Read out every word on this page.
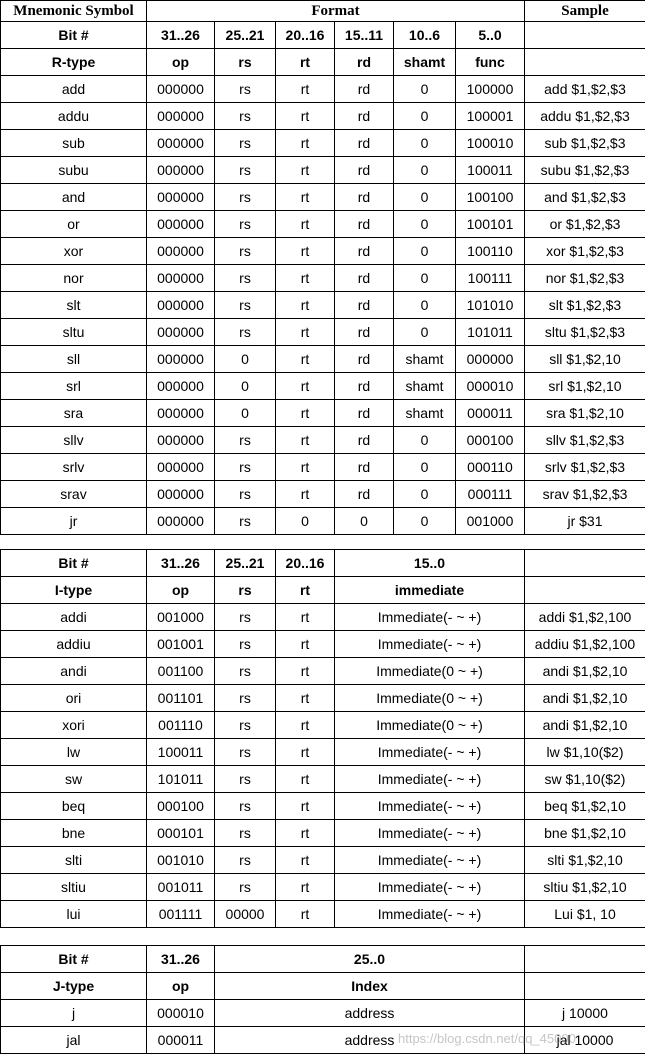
Mnemonic Symbol	Format						Sample
Bit #	31..26	25..21	20..16	15..11	10..6	5..0	
R-type	op	rs	rt	rd	shamt	func	
add	000000	rs	rt	rd	0	100000	add $1,$2,$3
addu	000000	rs	rt	rd	0	100001	addu $1,$2,$3
sub	000000	rs	rt	rd	0	100010	sub $1,$2,$3
subu	000000	rs	rt	rd	0	100011	subu $1,$2,$3
and	000000	rs	rt	rd	0	100100	and $1,$2,$3
or	000000	rs	rt	rd	0	100101	or $1,$2,$3
xor	000000	rs	rt	rd	0	100110	xor $1,$2,$3
nor	000000	rs	rt	rd	0	100111	nor $1,$2,$3
slt	000000	rs	rt	rd	0	101010	slt $1,$2,$3
sltu	000000	rs	rt	rd	0	101011	sltu $1,$2,$3
sll	000000	0	rt	rd	shamt	000000	sll $1,$2,10
srl	000000	0	rt	rd	shamt	000010	srl $1,$2,10
sra	000000	0	rt	rd	shamt	000011	sra $1,$2,10
sllv	000000	rs	rt	rd	0	000100	sllv $1,$2,$3
srlv	000000	rs	rt	rd	0	000110	srlv $1,$2,$3
srav	000000	rs	rt	rd	0	000111	srav $1,$2,$3
jr	000000	rs	0	0	0	001000	jr $31
Bit #	31..26	25..21	20..16	15..0	
I-type	op	rs	rt	immediate	
addi	001000	rs	rt	Immediate(- ~ +)	addi $1,$2,100
addiu	001001	rs	rt	Immediate(- ~ +)	addiu $1,$2,100
andi	001100	rs	rt	Immediate(0 ~ +)	andi $1,$2,10
ori	001101	rs	rt	Immediate(0 ~ +)	andi $1,$2,10
xori	001110	rs	rt	Immediate(0 ~ +)	andi $1,$2,10
lw	100011	rs	rt	Immediate(- ~ +)	lw $1,10($2)
sw	101011	rs	rt	Immediate(- ~ +)	sw $1,10($2)
beq	000100	rs	rt	Immediate(- ~ +)	beq $1,$2,10
bne	000101	rs	rt	Immediate(- ~ +)	bne $1,$2,10
slti	001010	rs	rt	Immediate(- ~ +)	slti $1,$2,10
sltiu	001011	rs	rt	Immediate(- ~ +)	sltiu $1,$2,10
lui	001111	00000	rt	Immediate(- ~ +)	Lui $1, 10
Bit #	31..26	25..0	
J-type	op	Index	
j	000010	address	j 10000
jal	000011	address	jal 10000
https://blog.csdn.net/qq_45000
